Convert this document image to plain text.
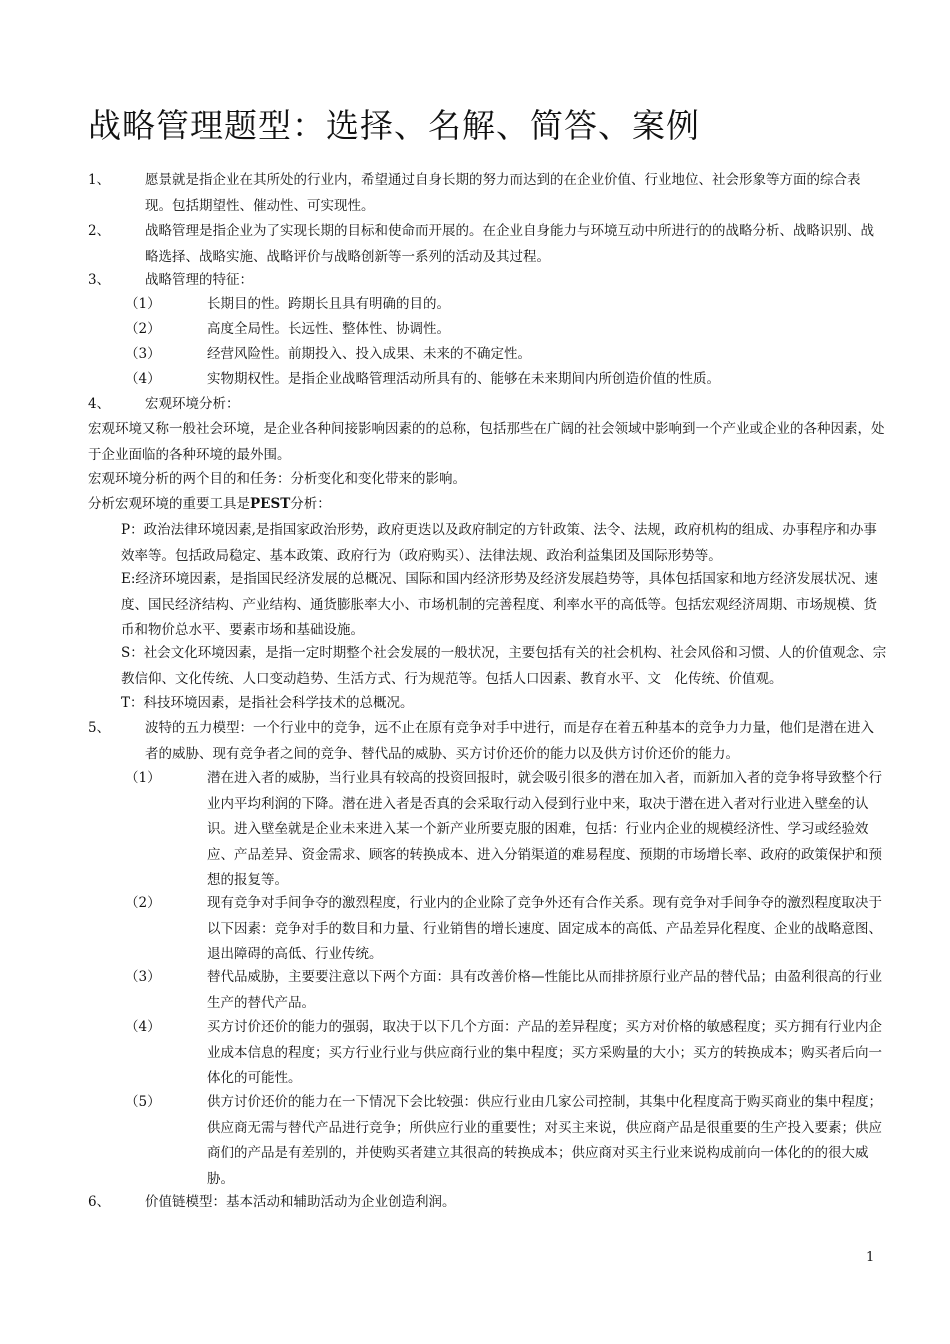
战略管理题型：选择、名解、简答、案例
1、	愿景就是指企业在其所处的行业内，希望通过自身长期的努力而达到的在企业价值、行业地位、社会形象等方面的综合表现。包括期望性、催动性、可实现性。
2、	战略管理是指企业为了实现长期的目标和使命而开展的。在企业自身能力与环境互动中所进行的的战略分析、战略识别、战略选择、战略实施、战略评价与战略创新等一系列的活动及其过程。
3、	战略管理的特征：
（1）	长期目的性。跨期长且具有明确的目的。
（2）	高度全局性。长远性、整体性、协调性。
（3）	经营风险性。前期投入、投入成果、未来的不确定性。
（4）	实物期权性。是指企业战略管理活动所具有的、能够在未来期间内所创造价值的性质。
4、	宏观环境分析：
宏观环境又称一般社会环境，是企业各种间接影响因素的的总称，包括那些在广阔的社会领域中影响到一个产业或企业的各种因素，处于企业面临的各种环境的最外围。
宏观环境分析的两个目的和任务：分析变化和变化带来的影响。
分析宏观环境的重要工具是PEST分析：
P：政治法律环境因素,是指国家政治形势，政府更迭以及政府制定的方针政策、法令、法规，政府机构的组成、办事程序和办事效率等。包括政局稳定、基本政策、政府行为（政府购买）、法律法规、政治利益集团及国际形势等。
E:经济环境因素，是指国民经济发展的总概况、国际和国内经济形势及经济发展趋势等，具体包括国家和地方经济发展状况、速度、国民经济结构、产业结构、通货膨胀率大小、市场机制的完善程度、利率水平的高低等。包括宏观经济周期、市场规模、货币和物价总水平、要素市场和基础设施。
S：社会文化环境因素，是指一定时期整个社会发展的一般状况，主要包括有关的社会机构、社会风俗和习惯、人的价值观念、宗教信仰、文化传统、人口变动趋势、生活方式、行为规范等。包括人口因素、教育水平、文　化传统、价值观。
T：科技环境因素，是指社会科学技术的总概况。
5、	波特的五力模型：一个行业中的竞争，远不止在原有竞争对手中进行，而是存在着五种基本的竞争力力量，他们是潜在进入者的威胁、现有竞争者之间的竞争、替代品的威胁、买方讨价还价的能力以及供方讨价还价的能力。
（1）	潜在进入者的威胁，当行业具有较高的投资回报时，就会吸引很多的潜在加入者，而新加入者的竞争将导致整个行业内平均利润的下降。潜在进入者是否真的会采取行动入侵到行业中来，取决于潜在进入者对行业进入壁垒的认识。进入壁垒就是企业未来进入某一个新产业所要克服的困难，包括：行业内企业的规模经济性、学习或经验效应、产品差异、资金需求、顾客的转换成本、进入分销渠道的难易程度、预期的市场增长率、政府的政策保护和预想的报复等。
（2）	现有竞争对手间争夺的激烈程度，行业内的企业除了竞争外还有合作关系。现有竞争对手间争夺的激烈程度取决于以下因素：竞争对手的数目和力量、行业销售的增长速度、固定成本的高低、产品差异化程度、企业的战略意图、退出障碍的高低、行业传统。
（3）	替代品威胁，主要要注意以下两个方面：具有改善价格—性能比从而排挤原行业产品的替代品；由盈利很高的行业生产的替代产品。
（4）	买方讨价还价的能力的强弱，取决于以下几个方面：产品的差异程度；买方对价格的敏感程度；买方拥有行业内企业成本信息的程度；买方行业行业与供应商行业的集中程度；买方采购量的大小；买方的转换成本；购买者后向一体化的可能性。
（5）	供方讨价还价的能力在一下情况下会比较强：供应行业由几家公司控制，其集中化程度高于购买商业的集中程度；供应商无需与替代产品进行竞争；所供应行业的重要性；对买主来说，供应商产品是很重要的生产投入要素；供应商们的产品是有差别的，并使购买者建立其很高的转换成本；供应商对买主行业来说构成前向一体化的的很大威胁。
6、	价值链模型：基本活动和辅助活动为企业创造利润。
1
